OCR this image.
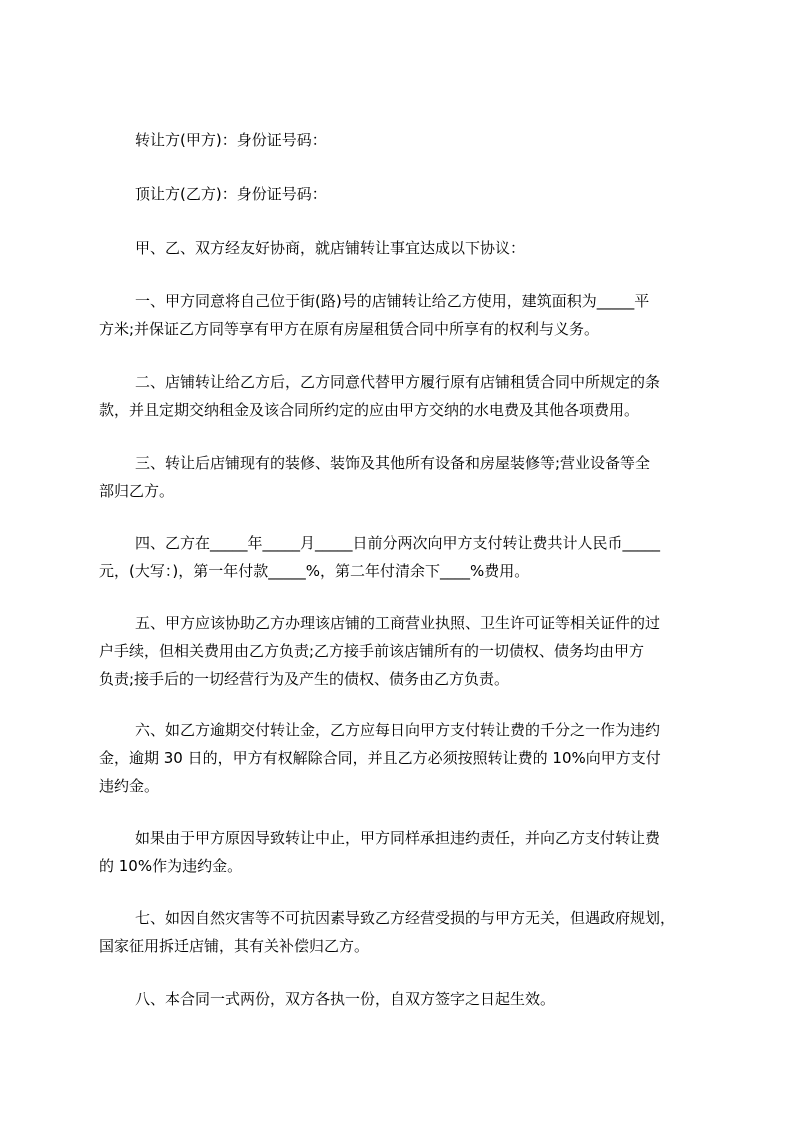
转让方(甲方)：身份证号码：

顶让方(乙方)：身份证号码：

甲、乙、双方经友好协商，就店铺转让事宜达成以下协议：

一、甲方同意将自己位于街(路)号的店铺转让给乙方使用，建筑面积为_____平
方米;并保证乙方同等享有甲方在原有房屋租赁合同中所享有的权利与义务。

二、店铺转让给乙方后，乙方同意代替甲方履行原有店铺租赁合同中所规定的条
款，并且定期交纳租金及该合同所约定的应由甲方交纳的水电费及其他各项费用。

三、转让后店铺现有的装修、装饰及其他所有设备和房屋装修等;营业设备等全
部归乙方。

四、乙方在_____年_____月_____日前分两次向甲方支付转让费共计人民币_____
元，(大写：)，第一年付款_____%，第二年付清余下____%费用。

五、甲方应该协助乙方办理该店铺的工商营业执照、卫生许可证等相关证件的过
户手续，但相关费用由乙方负责;乙方接手前该店铺所有的一切债权、债务均由甲方
负责;接手后的一切经营行为及产生的债权、债务由乙方负责。

六、如乙方逾期交付转让金，乙方应每日向甲方支付转让费的千分之一作为违约
金，逾期 30 日的，甲方有权解除合同，并且乙方必须按照转让费的 10%向甲方支付
违约金。

如果由于甲方原因导致转让中止，甲方同样承担违约责任，并向乙方支付转让费
的 10%作为违约金。

七、如因自然灾害等不可抗因素导致乙方经营受损的与甲方无关，但遇政府规划，
国家征用拆迁店铺，其有关补偿归乙方。

八、本合同一式两份，双方各执一份，自双方签字之日起生效。
